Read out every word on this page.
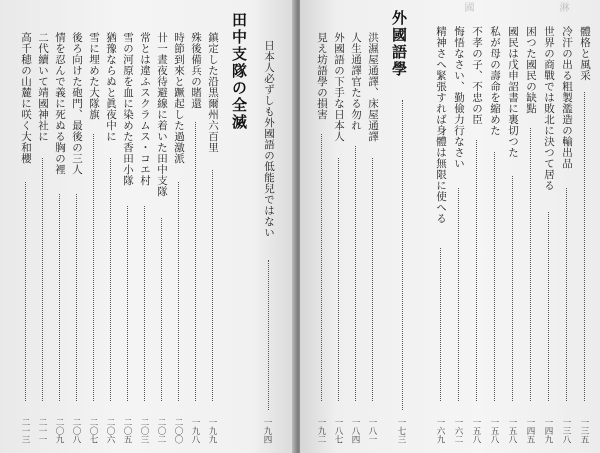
田中支隊の全滅 日本人必ずしも外國語の低能兒ではない
一九四
鎮定した沿黒爾州六百里
一九九
殊後備兵の賭還
一九八
時節到來と蹶起した過激派
二〇〇
卄一晝夜待避線に着いた田中支隊
二〇二
常とは違ふスクラムス・コエ村
二〇三
雪の河原を血に染めた香田小隊
二〇五
猶豫ならぬと眞夜中に
二〇六
雪に埋めた大隊旗
二〇七
後ろ向けた砲門、最後の三人
二〇八
情を忍んで義に死ぬる胸の裡
二〇九
二代續いて靖國神社に
二一一
高千穂の山麓に咲く大和櫻
二一三
淋
國
外國語學
一七三
體格と風采
一三五
冷汗の出る粗製濫造の輸出品
一三八
世界の商戰では敗北に決つて居る
一四九
困つた國民の缺點
一四五
國民は戊申詔書に裏切つた
一五八
私が母の壽命を縮めた
一五八
不孝の子、不忠の臣
一五八
悔悟なさい、勤儉力行なさい
一六二
精神さへ緊張すれば身體は無限に使へる
一六九
洪濕屋通譯、床屋通譯
一八一
人生通譯官たる勿れ
一八四
外國語の下手な日本人
一八七
見え坊語學の損害
一九二
